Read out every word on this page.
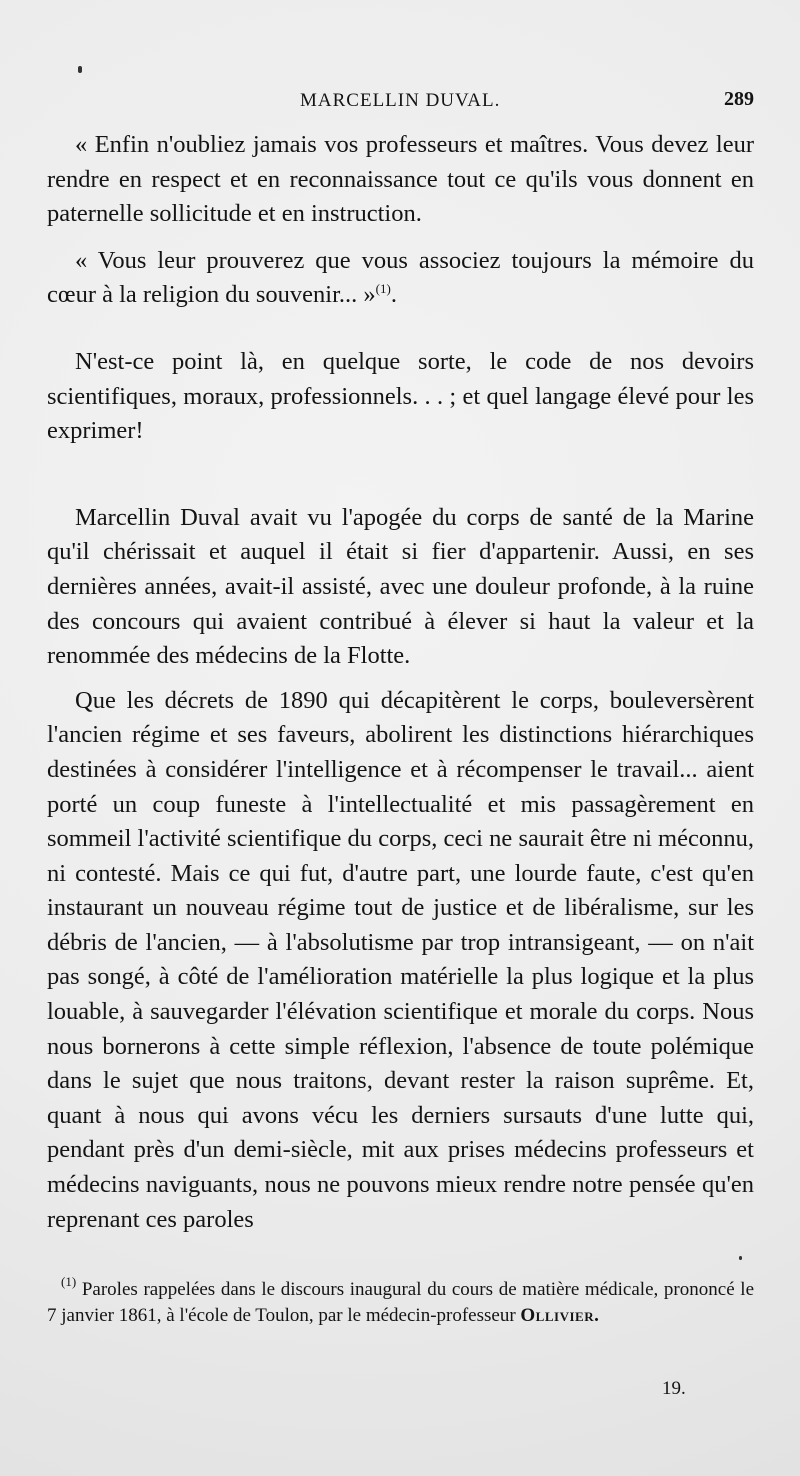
MARCELLIN DUVAL.	289

« Enfin n'oubliez jamais vos professeurs et maîtres. Vous devez leur rendre en respect et en reconnaissance tout ce qu'ils vous donnent en paternelle sollicitude et en instruction.

« Vous leur prouverez que vous associez toujours la mémoire du cœur à la religion du souvenir... »$^{(1)}$.

N'est-ce point là, en quelque sorte, le code de nos devoirs scientifiques, moraux, professionnels. . . ; et quel langage élevé pour les exprimer!

Marcellin Duval avait vu l'apogée du corps de santé de la Marine qu'il chérissait et auquel il était si fier d'appartenir. Aussi, en ses dernières années, avait-il assisté, avec une douleur profonde, à la ruine des concours qui avaient contribué à élever si haut la valeur et la renommée des médecins de la Flotte.

Que les décrets de 1890 qui décapitèrent le corps, bouleversèrent l'ancien régime et ses faveurs, abolirent les distinctions hiérarchiques destinées à considérer l'intelligence et à récompenser le travail... aient porté un coup funeste à l'intellectualité et mis passagèrement en sommeil l'activité scientifique du corps, ceci ne saurait être ni méconnu, ni contesté. Mais ce qui fut, d'autre part, une lourde faute, c'est qu'en instaurant un nouveau régime tout de justice et de libéralisme, sur les débris de l'ancien, — à l'absolutisme par trop intransigeant, — on n'ait pas songé, à côté de l'amélioration matérielle la plus logique et la plus louable, à sauvegarder l'élévation scientifique et morale du corps. Nous nous bornerons à cette simple réflexion, l'absence de toute polémique dans le sujet que nous traitons, devant rester la raison suprême. Et, quant à nous qui avons vécu les derniers sursauts d'une lutte qui, pendant près d'un demi-siècle, mit aux prises médecins professeurs et médecins naviguants, nous ne pouvons mieux rendre notre pensée qu'en reprenant ces paroles

$^{(1)}$ Paroles rappelées dans le discours inaugural du cours de matière médicale, prononcé le 7 janvier 1861, à l'école de Toulon, par le médecin-professeur Ollivier.

19.
